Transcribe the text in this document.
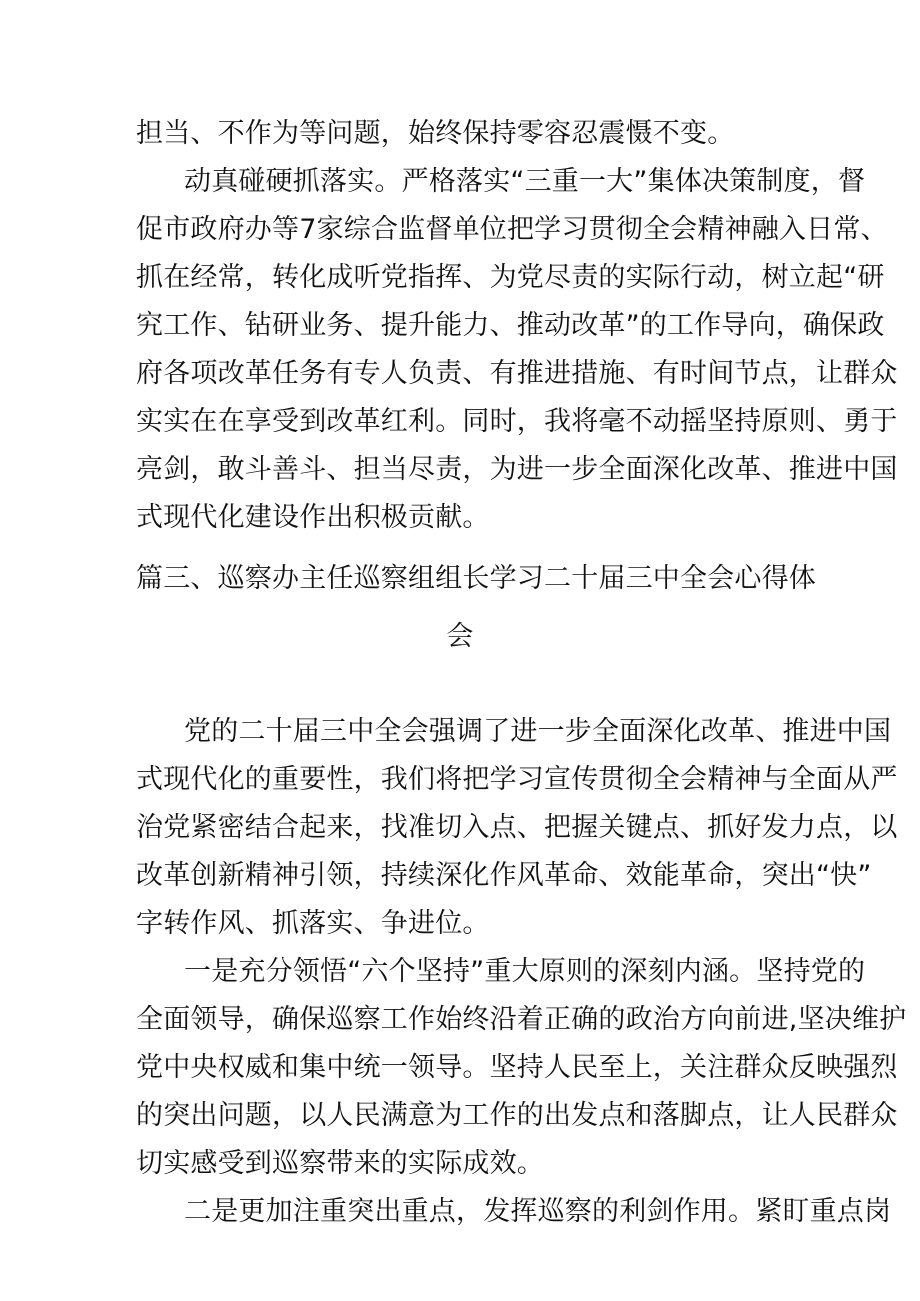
担当、不作为等问题，始终保持零容忍震慑不变。
动真碰硬抓落实。严格落实“三重一大”集体决策制度，督
促市政府办等7家综合监督单位把学习贯彻全会精神融入日常、
抓在经常，转化成听党指挥、为党尽责的实际行动，树立起“研
究工作、钻研业务、提升能力、推动改革”的工作导向，确保政
府各项改革任务有专人负责、有推进措施、有时间节点，让群众
实实在在享受到改革红利。同时，我将毫不动摇坚持原则、勇于
亮剑，敢斗善斗、担当尽责，为进一步全面深化改革、推进中国
式现代化建设作出积极贡献。
篇三、巡察办主任巡察组组长学习二十届三中全会心得体
会
党的二十届三中全会强调了进一步全面深化改革、推进中国
式现代化的重要性，我们将把学习宣传贯彻全会精神与全面从严
治党紧密结合起来，找准切入点、把握关键点、抓好发力点，以
改革创新精神引领，持续深化作风革命、效能革命，突出“快”
字转作风、抓落实、争进位。
一是充分领悟“六个坚持”重大原则的深刻内涵。坚持党的
全面领导，确保巡察工作始终沿着正确的政治方向前进,坚决维护
党中央权威和集中统一领导。坚持人民至上，关注群众反映强烈
的突出问题，以人民满意为工作的出发点和落脚点，让人民群众
切实感受到巡察带来的实际成效。
二是更加注重突出重点，发挥巡察的利剑作用。紧盯重点岗
